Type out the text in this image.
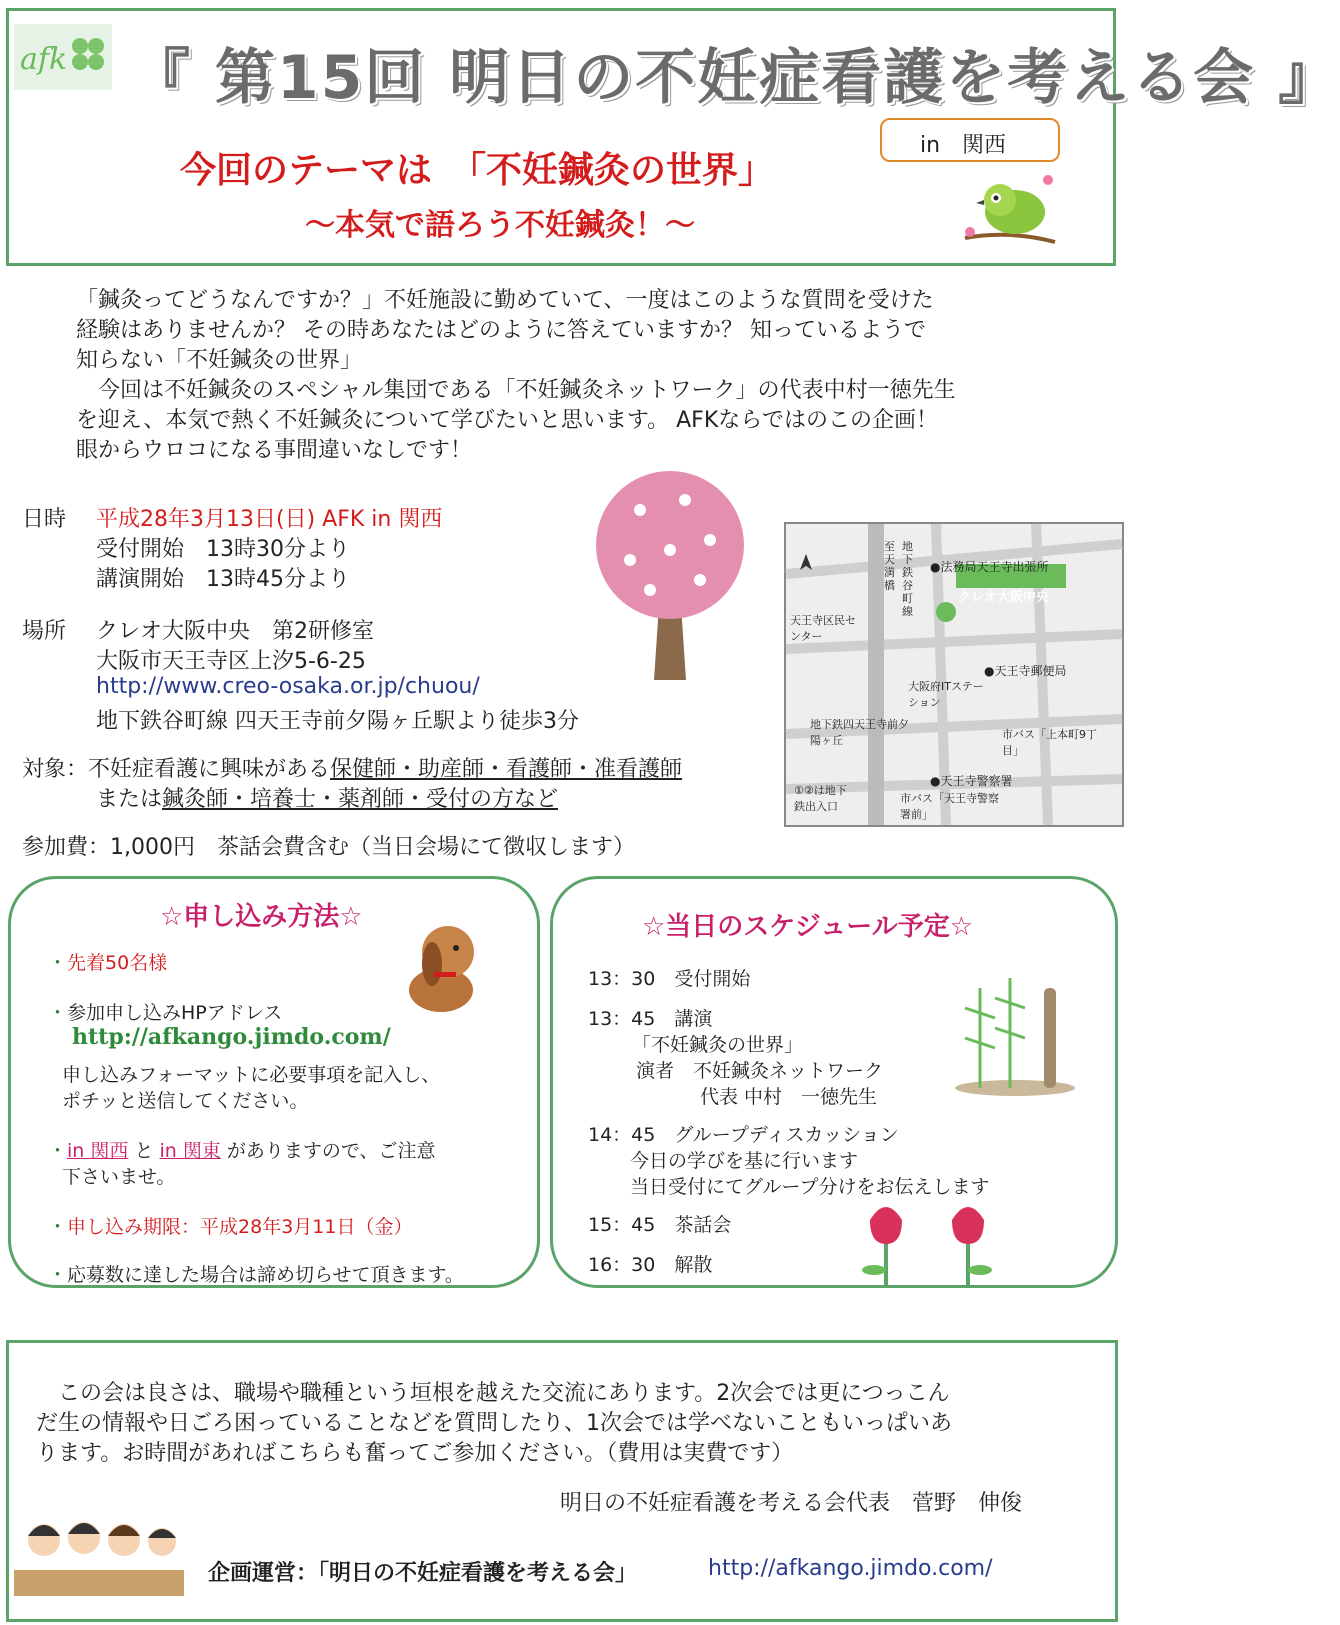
afk 『 第15回 明日の不妊症看護を考える会 』
in　関西
今回のテーマは　「不妊鍼灸の世界」
～本気で語ろう不妊鍼灸！～
「鍼灸ってどうなんですか？」不妊施設に勤めていて、一度はこのような質問を受けた
経験はありませんか？ その時あなたはどのように答えていますか？ 知っているようで
知らない「不妊鍼灸の世界」
　今回は不妊鍼灸のスペシャル集団である「不妊鍼灸ネットワーク」の代表中村一徳先生
を迎え、本気で熱く不妊鍼灸について学びたいと思います。 AFKならではのこの企画！
眼からウロコになる事間違いなしです！
日時 平成28年3月13日(日) AFK in 関西
受付開始　13時30分より
講演開始　13時45分より
場所 クレオ大阪中央　第2研修室
大阪市天王寺区上汐5-6-25
http://www.creo-osaka.or.jp/chuou/
地下鉄谷町線 四天王寺前夕陽ヶ丘駅より徒歩3分
対象：不妊症看護に興味がある保健師・助産師・看護師・准看護師
または鍼灸師・培養士・薬剤師・受付の方など
参加費：1,000円　茶話会費含む（当日会場にて徴収します）
●法務局天王寺出張所
クレオ大阪中央
天王寺区民センター
●天王寺郵便局
大阪府ITステーション
地下鉄四天王寺前夕陽ヶ丘	市バス「上本町9丁目」
●天王寺警察署
市バス「天王寺警察署前」
①②は地下鉄出入口
地下鉄谷町線
至天満橋
☆申し込み方法☆
・先着50名様
・参加申し込みHPアドレス
http://afkango.jimdo.com/
申し込みフォーマットに必要事項を記入し、
ポチッと送信してください。
・in 関西 と in 関東 がありますので、ご注意
下さいませ。
・申し込み期限：平成28年3月11日（金）
・応募数に達した場合は諦め切らせて頂きます。
☆当日のスケジュール予定☆
13：30　受付開始
13：45　講演
「不妊鍼灸の世界」
演者　不妊鍼灸ネットワーク
代表 中村　一徳先生
14：45　グループディスカッション
今日の学びを基に行います
当日受付にてグループ分けをお伝えします
15：45　茶話会
16：30　解散
　この会は良さは、職場や職種という垣根を越えた交流にあります。2次会では更につっこん
だ生の情報や日ごろ困っていることなどを質問したり、1次会では学べないこともいっぱいあ
ります。お時間があればこちらも奮ってご参加ください。（費用は実費です）
明日の不妊症看護を考える会代表　菅野　伸俊
企画運営：「明日の不妊症看護を考える会」	http://afkango.jimdo.com/
